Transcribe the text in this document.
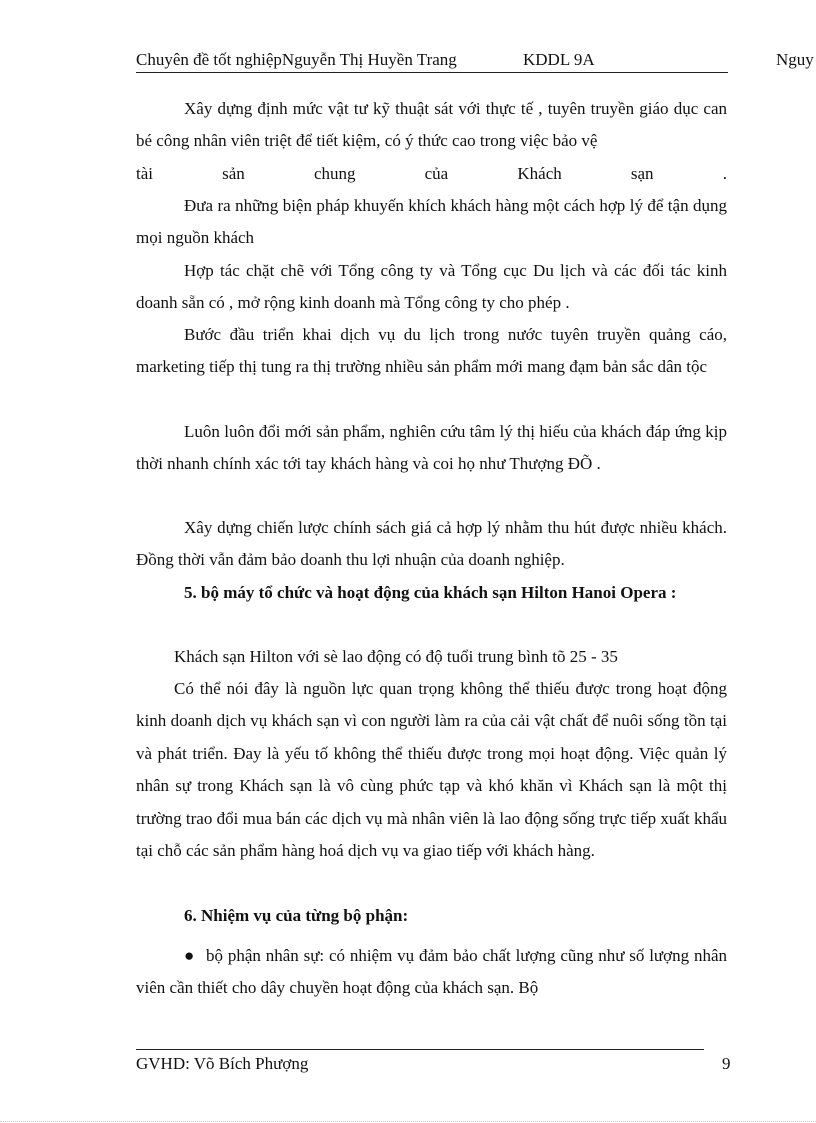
Chuyên đề tốt nghiệpNguyễn Thị Huyền Trang	KDDL 9A	Nguy

Xây dựng định mức vật tư kỹ thuật sát với thực tế , tuyên truyền giáo dục can bé công nhân viên triệt để tiết kiệm, có ý thức cao trong việc bảo vệ

tài	sản	chung	của	Khách	sạn	.

Đưa ra những biện pháp khuyến khích khách hàng một cách hợp lý để tận dụng mọi nguồn khách

Hợp tác chặt chẽ với Tổng công ty và Tổng cục Du lịch và các đối tác kinh doanh sẵn có , mở rộng kinh doanh mà Tổng công ty cho phép .

Bước đầu triển khai dịch vụ du lịch trong nước tuyên truyền quảng cáo, marketing tiếp thị tung ra thị trường nhiều sản phẩm mới mang đạm bản sắc dân tộc

Luôn luôn đổi mới sản phẩm, nghiên cứu tâm lý thị hiếu của khách đáp ứng kịp thời nhanh chính xác tới tay khách hàng và coi họ như Thượng ĐÕ .

Xây dựng chiến lược chính sách giá cả hợp lý nhằm thu hút được nhiều khách. Đồng thời vẫn đảm bảo doanh thu lợi nhuận của doanh nghiệp.

5. bộ máy tổ chức và hoạt động của khách sạn Hilton Hanoi Opera :

Khách sạn Hilton với sè lao động có độ tuổi trung bình tõ 25 - 35

Có thể nói đây là nguồn lực quan trọng không thể thiếu được trong hoạt động kinh doanh dịch vụ khách sạn vì con người làm ra của cải vật chất để nuôi sống tồn tại và phát triển. Đay là yếu tố không thể thiếu được trong mọi hoạt động. Việc quản lý nhân sự trong Khách sạn là vô cùng phức tạp và khó khăn vì Khách sạn là một thị trường trao đổi mua bán các dịch vụ mà nhân viên là lao động sống trực tiếp xuất khẩu tại chỗ các sản phẩm hàng hoá dịch vụ va giao tiếp với khách hàng.

6. Nhiệm vụ của từng bộ phận:

● bộ phận nhân sự: có nhiệm vụ đảm bảo chất lượng cũng như số lượng nhân viên cần thiết cho dây chuyền hoạt động của khách sạn. Bộ

GVHD: Võ Bích Phượng	9
